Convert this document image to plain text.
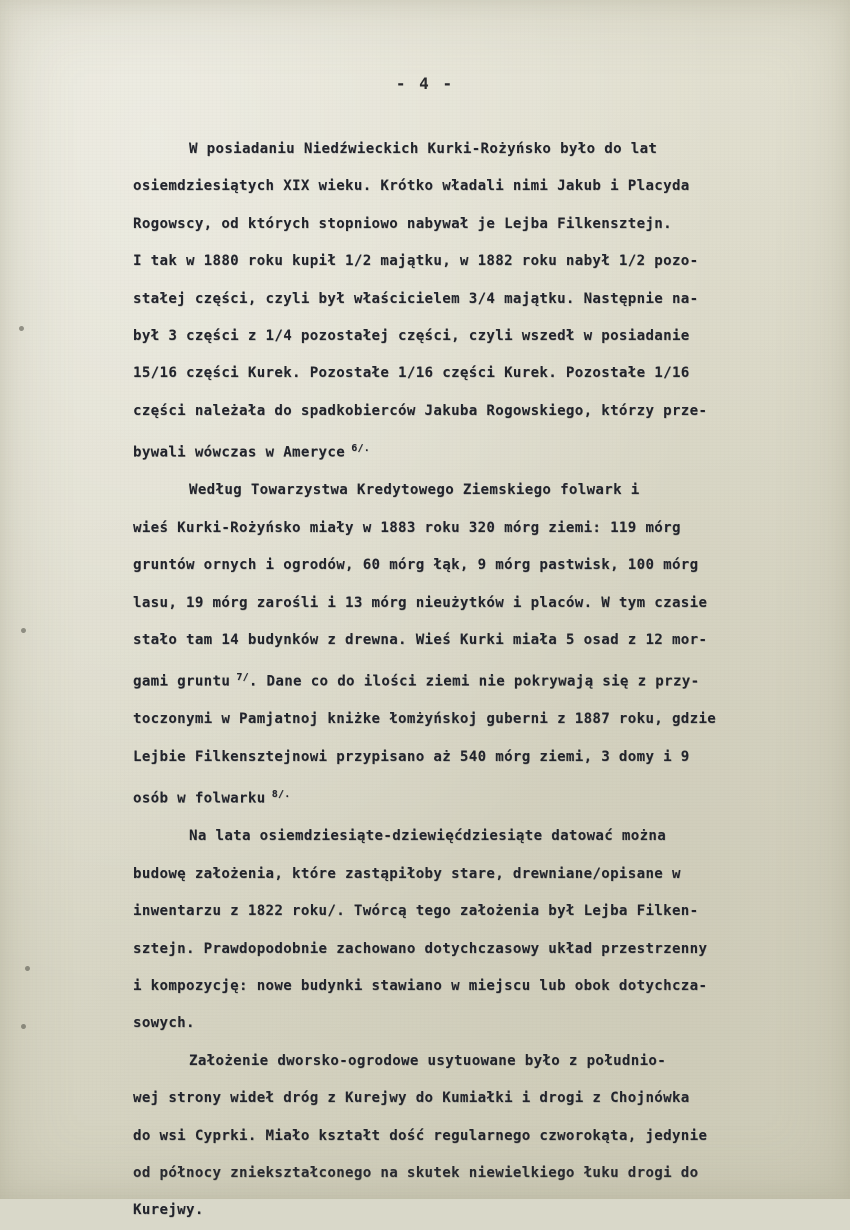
- 4 -
W posiadaniu Niedźwieckich Kurki-Rożyńsko było do lat
osiemdziesiątych XIX wieku. Krótko władali nimi Jakub i Placyda
Rogowscy, od których stopniowo nabywał je Lejba Filkensztejn.
I tak w 1880 roku kupił 1/2 majątku, w 1882 roku nabył 1/2 pozo-
stałej części, czyli był właścicielem 3/4 majątku. Następnie na-
był 3 części z 1/4 pozostałej części, czyli wszedł w posiadanie
15/16 części Kurek. Pozostałe 1/16 części Kurek. Pozostałe 1/16
części należała do spadkobierców Jakuba Rogowskiego, którzy prze-
bywali wówczas w Ameryce $^{6/.}$
Według Towarzystwa Kredytowego Ziemskiego folwark i
wieś Kurki-Rożyńsko miały w 1883 roku 320 mórg ziemi: 119 mórg
gruntów ornych i ogrodów, 60 mórg łąk, 9 mórg pastwisk, 100 mórg
lasu, 19 mórg zarośli i 13 mórg nieużytków i placów. W tym czasie
stało tam 14 budynków z drewna. Wieś Kurki miała 5 osad z 12 mor-
gami gruntu $^{7/}$. Dane co do ilości ziemi nie pokrywają się z przy-
toczonymi w Pamjatnoj kniżke łomżyńskoj guberni z 1887 roku, gdzie
Lejbie Filkensztejnowi przypisano aż 540 mórg ziemi, 3 domy i 9
osób w folwarku $^{8/.}$
Na lata osiemdziesiąte-dziewięćdziesiąte datować można
budowę założenia, które zastąpiłoby stare, drewniane/opisane w
inwentarzu z 1822 roku/. Twórcą tego założenia był Lejba Filken-
sztejn. Prawdopodobnie zachowano dotychczasowy układ przestrzenny
i kompozycję: nowe budynki stawiano w miejscu lub obok dotychcza-
sowych.
Założenie dworsko-ogrodowe usytuowane było z południo-
wej strony wideł dróg z Kurejwy do Kumiałki i drogi z Chojnówka
do wsi Cyprki. Miało kształt dość regularnego czworokąta, jedynie
od północy zniekształconego na skutek niewielkiego łuku drogi do
Kurejwy.
